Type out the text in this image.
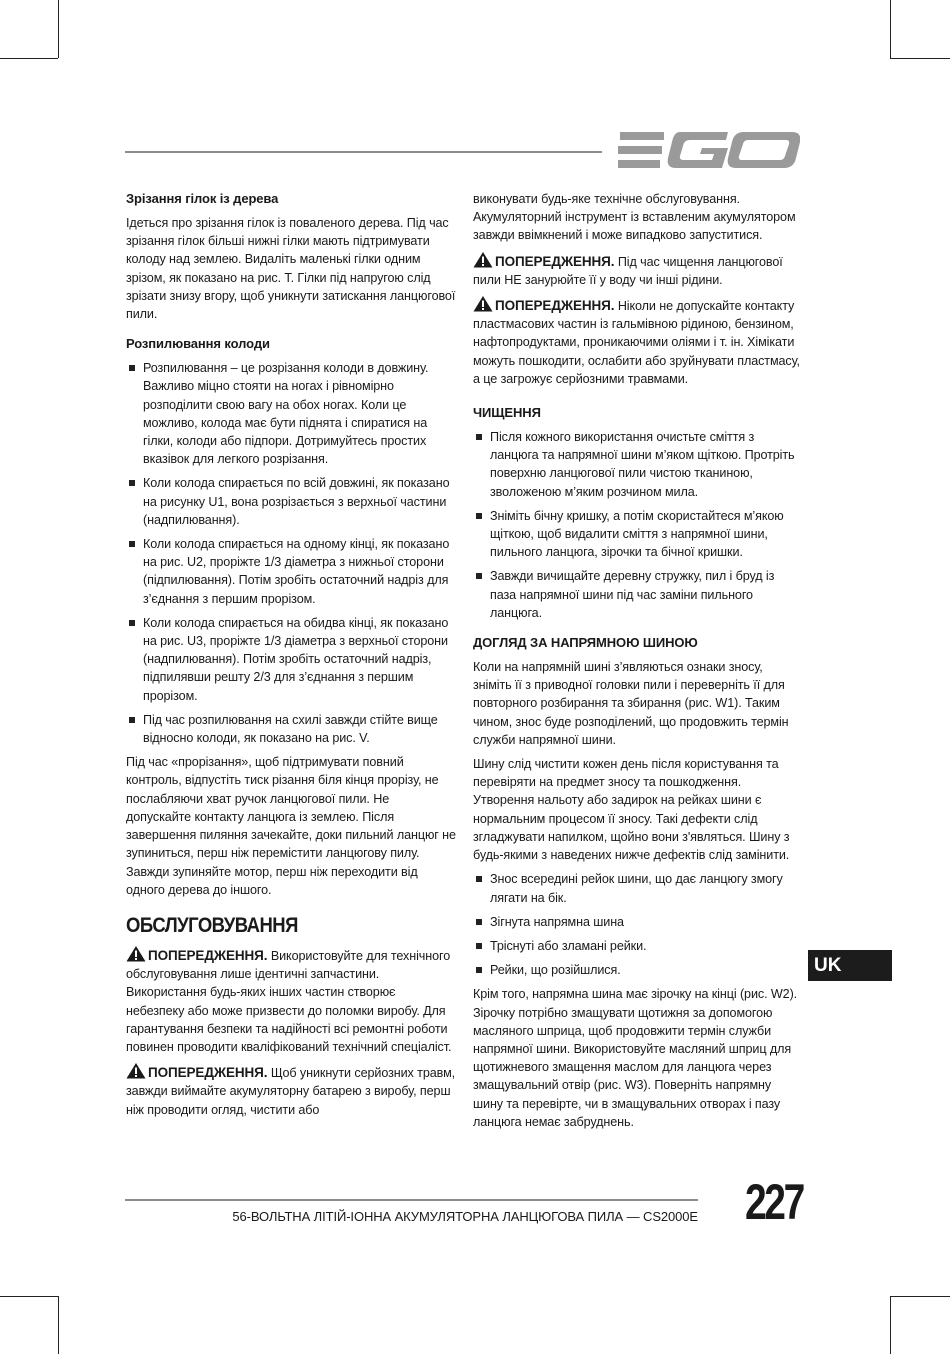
Зрізання гілок із дерева

Ідеться про зрізання гілок із поваленого дерева. Під час зрізання гілок більші нижні гілки мають підтримувати колоду над землею. Видаліть маленькі гілки одним зрізом, як показано на рис. T. Гілки під напругою слід зрізати знизу вгору, щоб уникнути затискання ланцюгової пили.

Розпилювання колоди
Розпилювання – це розрізання колоди в довжину. Важливо міцно стояти на ногах і рівномірно розподілити свою вагу на обох ногах. Коли це можливо, колода має бути піднята і спиратися на гілки, колоди або підпори. Дотримуйтесь простих вказівок для легкого розрізання.
Коли колода спирається по всій довжині, як показано на рисунку U1, вона розрізається з верхньої частини (надпилювання).
Коли колода спирається на одному кінці, як показано на рис. U2, проріжте 1/3 діаметра з нижньої сторони (підпилювання). Потім зробіть остаточний надріз для з’єднання з першим прорізом.
Коли колода спирається на обидва кінці, як показано на рис. U3, проріжте 1/3 діаметра з верхньої сторони (надпилювання). Потім зробіть остаточний надріз, підпилявши решту 2/3 для з’єднання з першим прорізом.
Під час розпилювання на схилі завжди стійте вище відносно колоди, як показано на рис. V.

Під час «прорізання», щоб підтримувати повний контроль, відпустіть тиск різання біля кінця прорізу, не послабляючи хват ручок ланцюгової пили. Не допускайте контакту ланцюга із землею. Після завершення пиляння зачекайте, доки пильний ланцюг не зупиниться, перш ніж перемістити ланцюгову пилу. Завжди зупиняйте мотор, перш ніж переходити від одного дерева до іншого.

ОБСЛУГОВУВАННЯ

ПОПЕРЕДЖЕННЯ. Використовуйте для технічного обслуговування лише ідентичні запчастини. Використання будь-яких інших частин створює небезпеку або може призвести до поломки виробу. Для гарантування безпеки та надійності всі ремонтні роботи повинен проводити кваліфікований технічний спеціаліст.

ПОПЕРЕДЖЕННЯ. Щоб уникнути серйозних травм, завжди виймайте акумуляторну батарею з виробу, перш ніж проводити огляд, чистити або

виконувати будь-яке технічне обслуговування. Акумуляторний інструмент із вставленим акумулятором завжди ввімкнений і може випадково запуститися.

ПОПЕРЕДЖЕННЯ. Під час чищення ланцюгової пили НЕ занурюйте її у воду чи інші рідини.

ПОПЕРЕДЖЕННЯ. Ніколи не допускайте контакту пластмасових частин із гальмівною рідиною, бензином, нафтопродуктами, проникаючими оліями і т. ін. Хімікати можуть пошкодити, ослабити або зруйнувати пластмасу, а це загрожує серйозними травмами.

ЧИЩЕННЯ
Після кожного використання очистьте сміття з ланцюга та напрямної шини м’яком щіткою. Протріть поверхню ланцюгової пили чистою тканиною, зволоженою м’яким розчином мила.
Зніміть бічну кришку, а потім скористайтеся м’якою щіткою, щоб видалити сміття з напрямної шини, пильного ланцюга, зірочки та бічної кришки.
Завжди вичищайте деревну стружку, пил і бруд із паза напрямної шини під час заміни пильного ланцюга.
ДОГЛЯД ЗА НАПРЯМНОЮ ШИНОЮ

Коли на напрямній шині з’являються ознаки зносу, зніміть її з приводної головки пили і переверніть її для повторного розбирання та збирання (рис. W1). Таким чином, знос буде розподілений, що продовжить термін служби напрямної шини.

Шину слід чистити кожен день після користування та перевіряти на предмет зносу та пошкодження. Утворення нальоту або задирок на рейках шини є нормальним процесом її зносу. Такі дефекти слід згладжувати напилком, щойно вони з'являться. Шину з будь-якими з наведених нижче дефектів слід замінити.

Знос всередині рейок шини, що дає ланцюгу змогу лягати на бік.
Зігнута напрямна шина
Тріснуті або зламані рейки.
Рейки, що розійшлися.

Крім того, напрямна шина має зірочку на кінці (рис. W2). Зірочку потрібно змащувати щотижня за допомогою масляного шприца, щоб продовжити термін служби напрямної шини. Використовуйте масляний шприц для щотижневого змащення маслом для ланцюга через змащувальний отвір (рис. W3). Поверніть напрямну шину та перевірте, чи в змащувальних отворах і пазу ланцюга немає забруднень.

UK
56-ВОЛЬТНА ЛІТІЙ-ІОННА АКУМУЛЯТОРНА ЛАНЦЮГОВА ПИЛА — CS2000E 227
